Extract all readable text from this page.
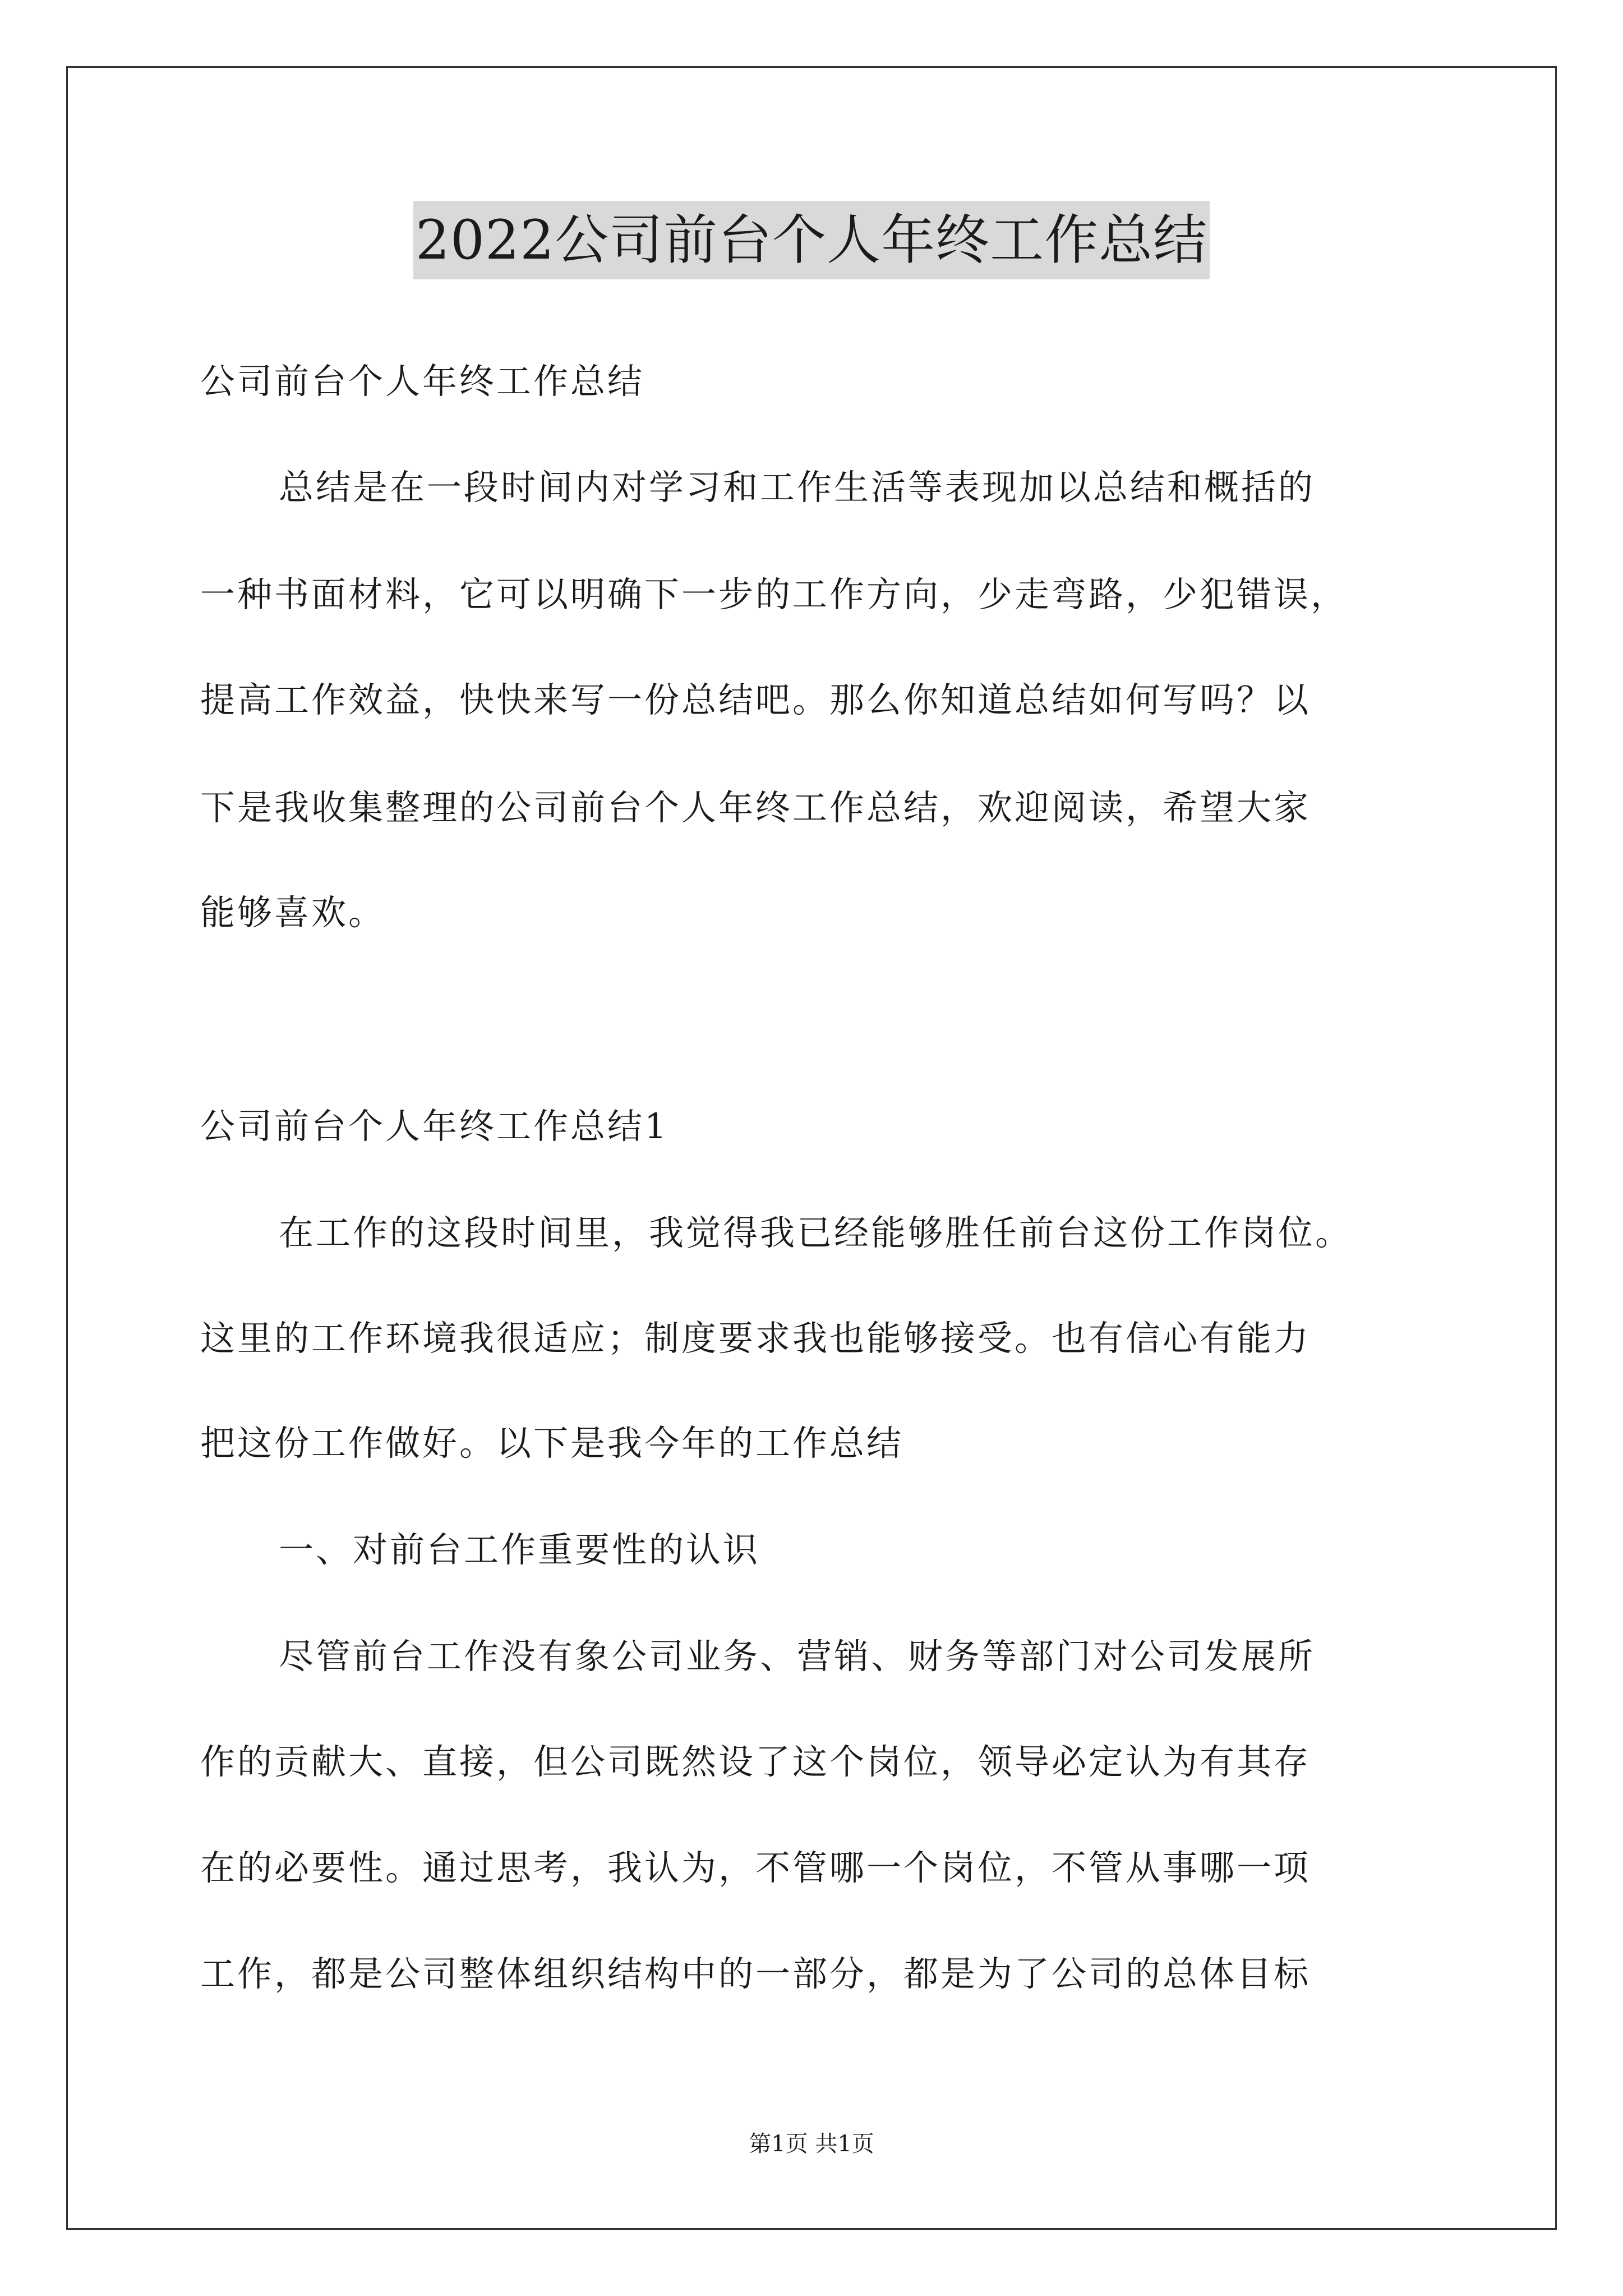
2022公司前台个人年终工作总结
公司前台个人年终工作总结
总结是在一段时间内对学习和工作生活等表现加以总结和概括的
一种书面材料，它可以明确下一步的工作方向，少走弯路，少犯错误，
提高工作效益，快快来写一份总结吧。那么你知道总结如何写吗？以
下是我收集整理的公司前台个人年终工作总结，欢迎阅读，希望大家
能够喜欢。
公司前台个人年终工作总结1
在工作的这段时间里，我觉得我已经能够胜任前台这份工作岗位。
这里的工作环境我很适应；制度要求我也能够接受。也有信心有能力
把这份工作做好。以下是我今年的工作总结
一、对前台工作重要性的认识
尽管前台工作没有象公司业务、营销、财务等部门对公司发展所
作的贡献大、直接，但公司既然设了这个岗位，领导必定认为有其存
在的必要性。通过思考，我认为，不管哪一个岗位，不管从事哪一项
工作，都是公司整体组织结构中的一部分，都是为了公司的总体目标
第1页 共1页
